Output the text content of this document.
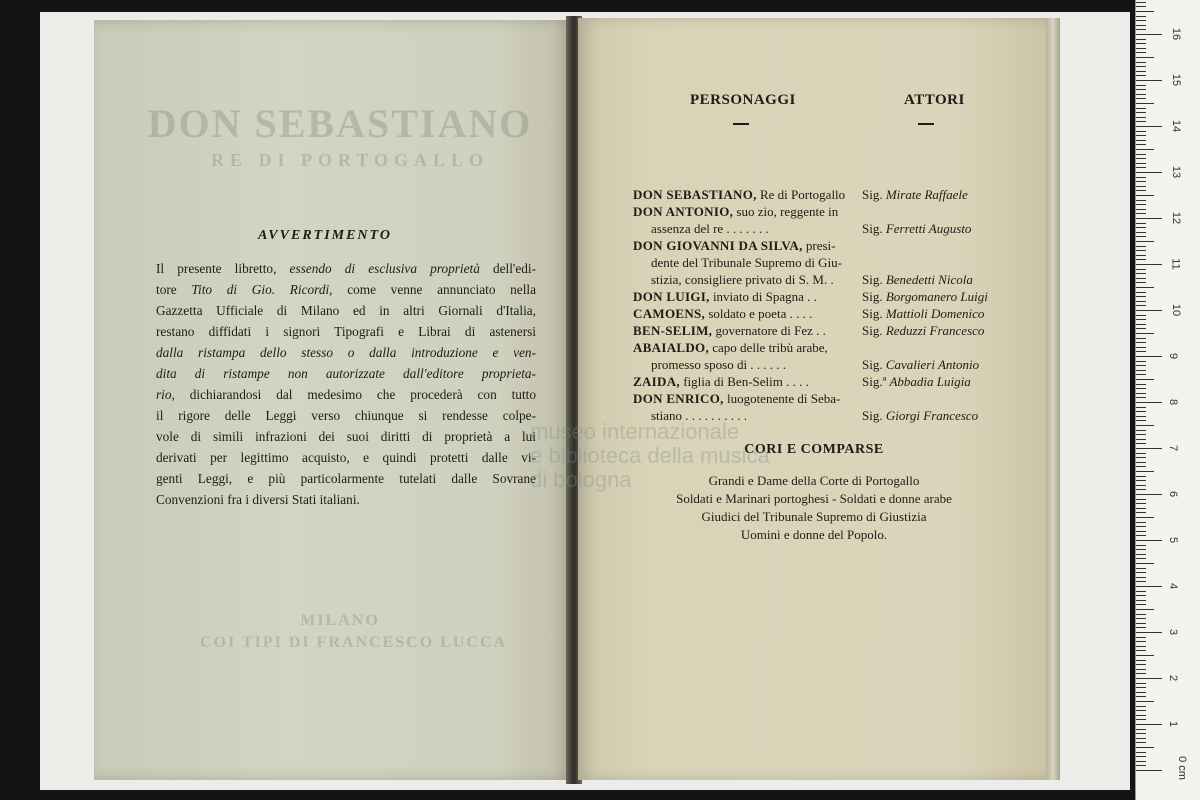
DON SEBASTIANO
RE DI PORTOGALLO
MILANO
COI TIPI DI FRANCESCO LUCCA
AVVERTIMENTO
Il presente libretto, essendo di esclusiva proprietà dell'edi-
tore Tito di Gio. Ricordi, come venne annunciato nella
Gazzetta Ufficiale di Milano ed in altri Giornali d'Italia,
restano diffidati i signori Tipografi e Librai di astenersi
dalla ristampa dello stesso o dalla introduzione e ven-
dita di ristampe non autorizzate dall'editore proprieta-
rio, dichiarandosi dal medesimo che procederà con tutto
il rigore delle Leggi verso chiunque si rendesse colpe-
vole di simili infrazioni dei suoi diritti di proprietà a lui
derivati per legittimo acquisto, e quindi protetti dalle vi-
genti Leggi, e più particolarmente tutelati dalle Sovrane
Convenzioni fra i diversi Stati italiani.
PERSONAGGI	ATTORI
DON SEBASTIANO, Re di Portogallo
DON ANTONIO, suo zio, reggente in
assenza del re . . . . . . .
DON GIOVANNI DA SILVA, presi-
dente del Tribunale Supremo di Giu-
stizia, consigliere privato di S. M. .
DON LUIGI, inviato di Spagna . .
CAMOENS, soldato e poeta . . . .
BEN-SELIM, governatore di Fez . .
ABAIALDO, capo delle tribù arabe,
promesso sposo di . . . . . .
ZAIDA, figlia di Ben-Selim . . . .
DON ENRICO, luogotenente di Seba-
stiano . . . . . . . . . .
Sig. Mirate Raffaele
Sig. Ferretti Augusto
Sig. Benedetti Nicola
Sig. Borgomanero Luigi
Sig. Mattioli Domenico
Sig. Reduzzi Francesco
Sig. Cavalieri Antonio
Sig.ª Abbadia Luigia
Sig. Giorgi Francesco
CORI E COMPARSE
Grandi e Dame della Corte di Portogallo
Soldati e Marinari portoghesi - Soldati e donne arabe
Giudici del Tribunale Supremo di Giustizia
Uomini e donne del Popolo.
museo internazionale
e biblioteca della musica
di bologna
0 cm
1
2
3
4
5
6
7
8
9
10
11
12
13
14
15
16
